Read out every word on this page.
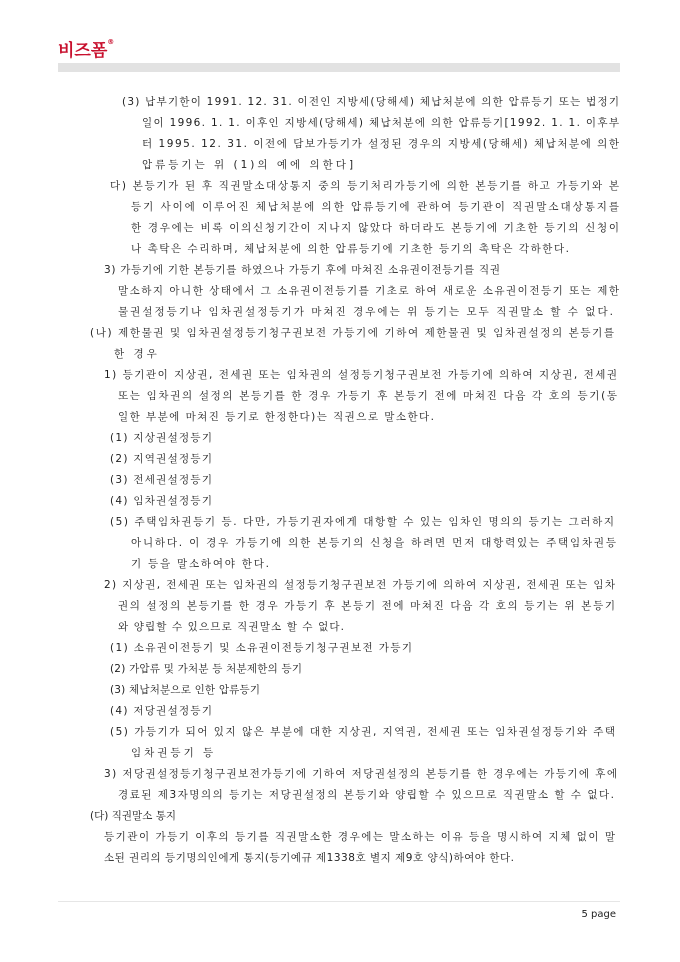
비즈폼®
(3) 납부기한이 1991. 12. 31. 이전인 지방세(당해세) 체납처분에 의한 압류등기 또는 법정기
일이 1996. 1. 1. 이후인 지방세(당해세) 체납처분에 의한 압류등기[1992. 1. 1. 이후부
터 1995. 12. 31. 이전에 담보가등기가 설정된 경우의 지방세(당해세) 체납처분에 의한
압류등기는 위 (1)의 예에 의한다]
다) 본등기가 된 후 직권말소대상통지 중의 등기처리가등기에 의한 본등기를 하고 가등기와 본
등기 사이에 이루어진 체납처분에 의한 압류등기에 관하여 등기관이 직권말소대상통지를
한 경우에는 비록 이의신청기간이 지나지 않았다 하더라도 본등기에 기초한 등기의 신청이
나 촉탁은 수리하며, 체납처분에 의한 압류등기에 기초한 등기의 촉탁은 각하한다.
3) 가등기에 기한 본등기를 하였으나 가등기 후에 마쳐진 소유권이전등기를 직권
말소하지 아니한 상태에서 그 소유권이전등기를 기초로 하여 새로운 소유권이전등기 또는 제한
물권설정등기나 임차권설정등기가 마쳐진 경우에는 위 등기는 모두 직권말소 할 수 없다.
(나) 제한물권 및 임차권설정등기청구권보전 가등기에 기하여 제한물권 및 임차권설정의 본등기를
한 경우
1) 등기관이 지상권, 전세권 또는 임차권의 설정등기청구권보전 가등기에 의하여 지상권, 전세권
또는 임차권의 설정의 본등기를 한 경우 가등기 후 본등기 전에 마쳐진 다음 각 호의 등기(동
일한 부분에 마쳐진 등기로 한정한다)는 직권으로 말소한다.
(1) 지상권설정등기
(2) 지역권설정등기
(3) 전세권설정등기
(4) 임차권설정등기
(5) 주택임차권등기 등. 다만, 가등기권자에게 대항할 수 있는 임차인 명의의 등기는 그러하지
아니하다. 이 경우 가등기에 의한 본등기의 신청을 하려면 먼저 대항력있는 주택임차권등
기 등을 말소하여야 한다.
2) 지상권, 전세권 또는 임차권의 설정등기청구권보전 가등기에 의하여 지상권, 전세권 또는 임차
권의 설정의 본등기를 한 경우 가등기 후 본등기 전에 마쳐진 다음 각 호의 등기는 위 본등기
와 양립할 수 있으므로 직권말소 할 수 없다.
(1) 소유권이전등기 및 소유권이전등기청구권보전 가등기
(2) 가압류 및 가처분 등 처분제한의 등기
(3) 체납처분으로 인한 압류등기
(4) 저당권설정등기
(5) 가등기가 되어 있지 않은 부분에 대한 지상권, 지역권, 전세권 또는 임차권설정등기와 주택
임차권등기 등
3) 저당권설정등기청구권보전가등기에 기하여 저당권설정의 본등기를 한 경우에는 가등기에 후에
경료된 제3자명의의 등기는 저당권설정의 본등기와 양립할 수 있으므로 직권말소 할 수 없다.
(다) 직권말소 통지
등기관이 가등기 이후의 등기를 직권말소한 경우에는 말소하는 이유 등을 명시하여 지체 없이 말
소된 권리의 등기명의인에게 통지(등기예규 제1338호 별지 제9호 양식)하여야 한다.
5 page
